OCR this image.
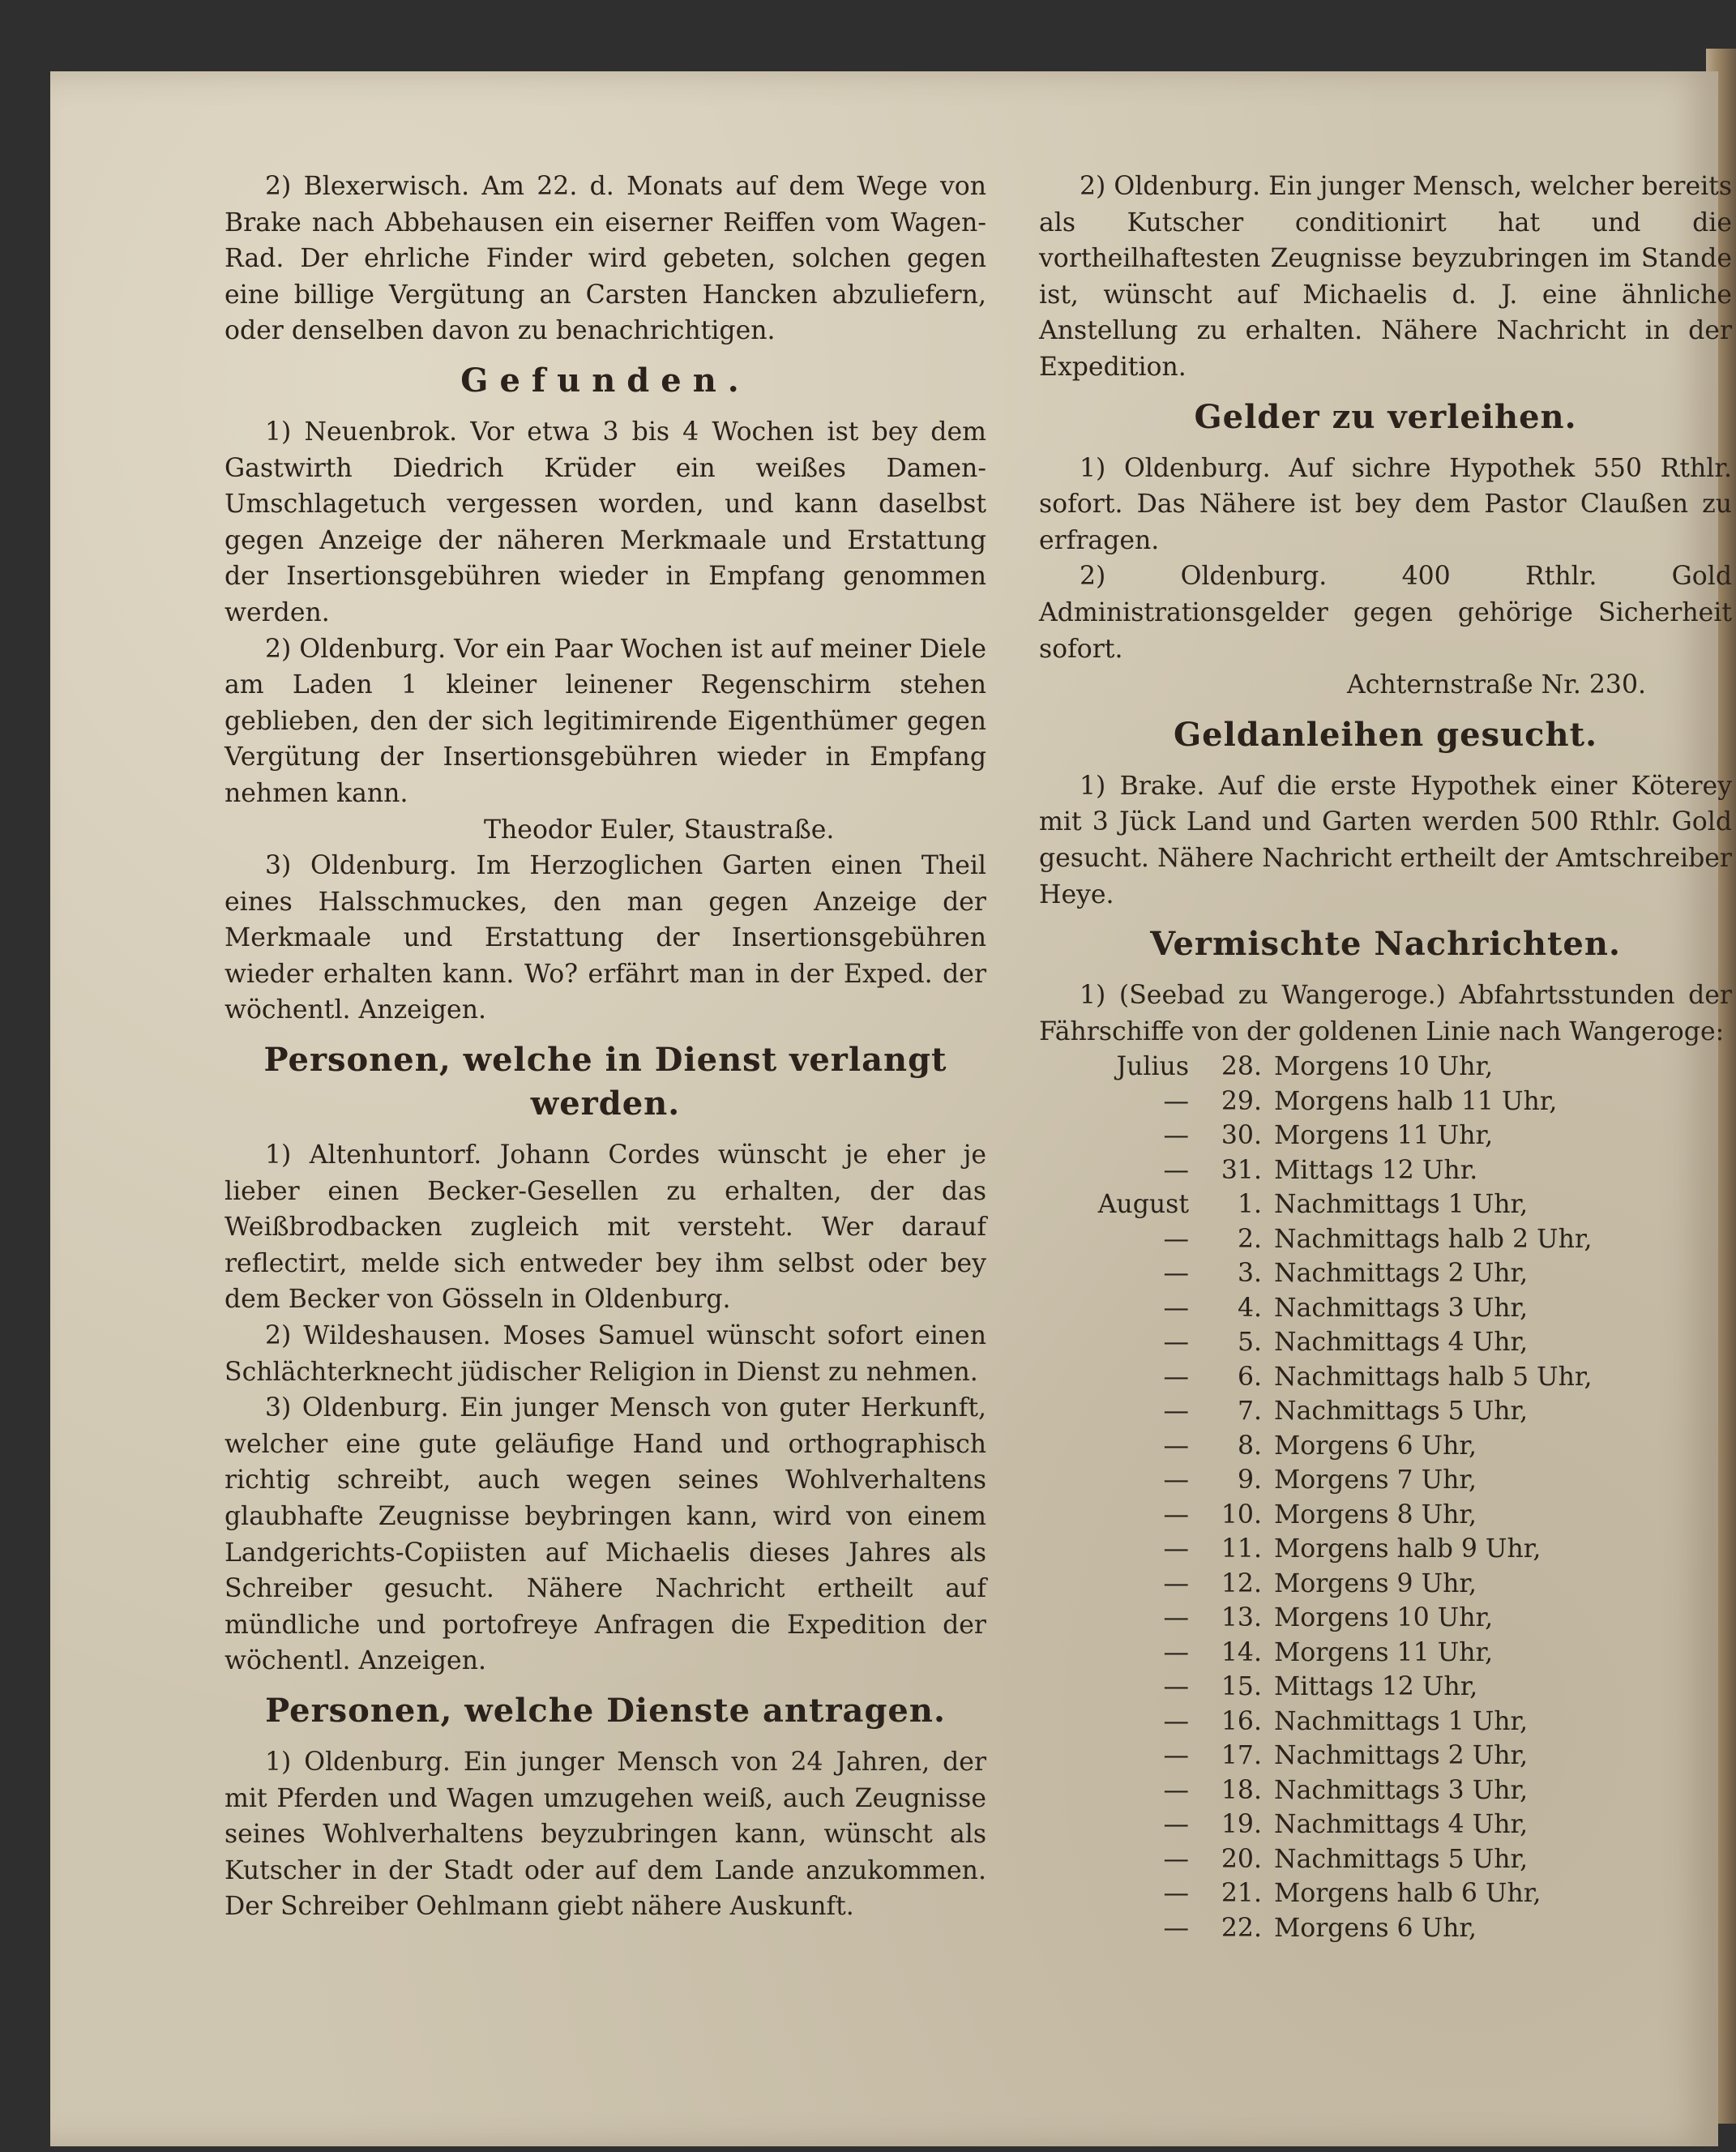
2) Blexerwisch. Am 22. d. Monats auf dem Wege von Brake nach Abbehausen ein eiserner Reiffen vom Wagen-Rad. Der ehrliche Finder wird gebeten, solchen gegen eine billige Vergütung an Carsten Hancken abzuliefern, oder denselben davon zu benachrichtigen.

Gefunden.

1) Neuenbrok. Vor etwa 3 bis 4 Wochen ist bey dem Gastwirth Diedrich Krüder ein weißes Damen-Umschlagetuch vergessen worden, und kann daselbst gegen Anzeige der näheren Merkmaale und Erstattung der Insertionsgebühren wieder in Empfang genommen werden.

2) Oldenburg. Vor ein Paar Wochen ist auf meiner Diele am Laden 1 kleiner leinener Regenschirm stehen geblieben, den der sich legitimirende Eigenthümer gegen Vergütung der Insertionsgebühren wieder in Empfang nehmen kann.

Theodor Euler, Staustraße.

3) Oldenburg. Im Herzoglichen Garten einen Theil eines Halsschmuckes, den man gegen Anzeige der Merkmaale und Erstattung der Insertionsgebühren wieder erhalten kann. Wo? erfährt man in der Exped. der wöchentl. Anzeigen.

Personen, welche in Dienst verlangt werden.

1) Altenhuntorf. Johann Cordes wünscht je eher je lieber einen Becker-Gesellen zu erhalten, der das Weißbrodbacken zugleich mit versteht. Wer darauf reflectirt, melde sich entweder bey ihm selbst oder bey dem Becker von Gösseln in Oldenburg.

2) Wildeshausen. Moses Samuel wünscht sofort einen Schlächterknecht jüdischer Religion in Dienst zu nehmen.

3) Oldenburg. Ein junger Mensch von guter Herkunft, welcher eine gute geläufige Hand und orthographisch richtig schreibt, auch wegen seines Wohlverhaltens glaubhafte Zeugnisse beybringen kann, wird von einem Landgerichts-Copiisten auf Michaelis dieses Jahres als Schreiber gesucht. Nähere Nachricht ertheilt auf mündliche und portofreye Anfragen die Expedition der wöchentl. Anzeigen.

Personen, welche Dienste antragen.

1) Oldenburg. Ein junger Mensch von 24 Jahren, der mit Pferden und Wagen umzugehen weiß, auch Zeugnisse seines Wohlverhaltens beyzubringen kann, wünscht als Kutscher in der Stadt oder auf dem Lande anzukommen. Der Schreiber Oehlmann giebt nähere Auskunft.

2) Oldenburg. Ein junger Mensch, welcher bereits als Kutscher conditionirt hat und die vortheilhaftesten Zeugnisse beyzubringen im Stande ist, wünscht auf Michaelis d. J. eine ähnliche Anstellung zu erhalten. Nähere Nachricht in der Expedition.

Gelder zu verleihen.

1) Oldenburg. Auf sichre Hypothek 550 Rthlr. sofort. Das Nähere ist bey dem Pastor Claußen zu erfragen.

2) Oldenburg. 400 Rthlr. Gold Administrationsgelder gegen gehörige Sicherheit sofort.

Achternstraße Nr. 230.

Geldanleihen gesucht.

1) Brake. Auf die erste Hypothek einer Köterey mit 3 Jück Land und Garten werden 500 Rthlr. Gold gesucht. Nähere Nachricht ertheilt der Amtschreiber Heye.

Vermischte Nachrichten.

1) (Seebad zu Wangeroge.) Abfahrtsstunden der Fährschiffe von der goldenen Linie nach Wangeroge:

Julius	28. Morgens 10 Uhr,
—	29. Morgens halb 11 Uhr,
—	30. Morgens 11 Uhr,
—	31. Mittags 12 Uhr.
August	1. Nachmittags 1 Uhr,
—	2. Nachmittags halb 2 Uhr,
—	3. Nachmittags 2 Uhr,
—	4. Nachmittags 3 Uhr,
—	5. Nachmittags 4 Uhr,
—	6. Nachmittags halb 5 Uhr,
—	7. Nachmittags 5 Uhr,
—	8. Morgens 6 Uhr,
—	9. Morgens 7 Uhr,
—	10. Morgens 8 Uhr,
—	11. Morgens halb 9 Uhr,
—	12. Morgens 9 Uhr,
—	13. Morgens 10 Uhr,
—	14. Morgens 11 Uhr,
—	15. Mittags 12 Uhr,
—	16. Nachmittags 1 Uhr,
—	17. Nachmittags 2 Uhr,
—	18. Nachmittags 3 Uhr,
—	19. Nachmittags 4 Uhr,
—	20. Nachmittags 5 Uhr,
—	21. Morgens halb 6 Uhr,
—	22. Morgens 6 Uhr,
